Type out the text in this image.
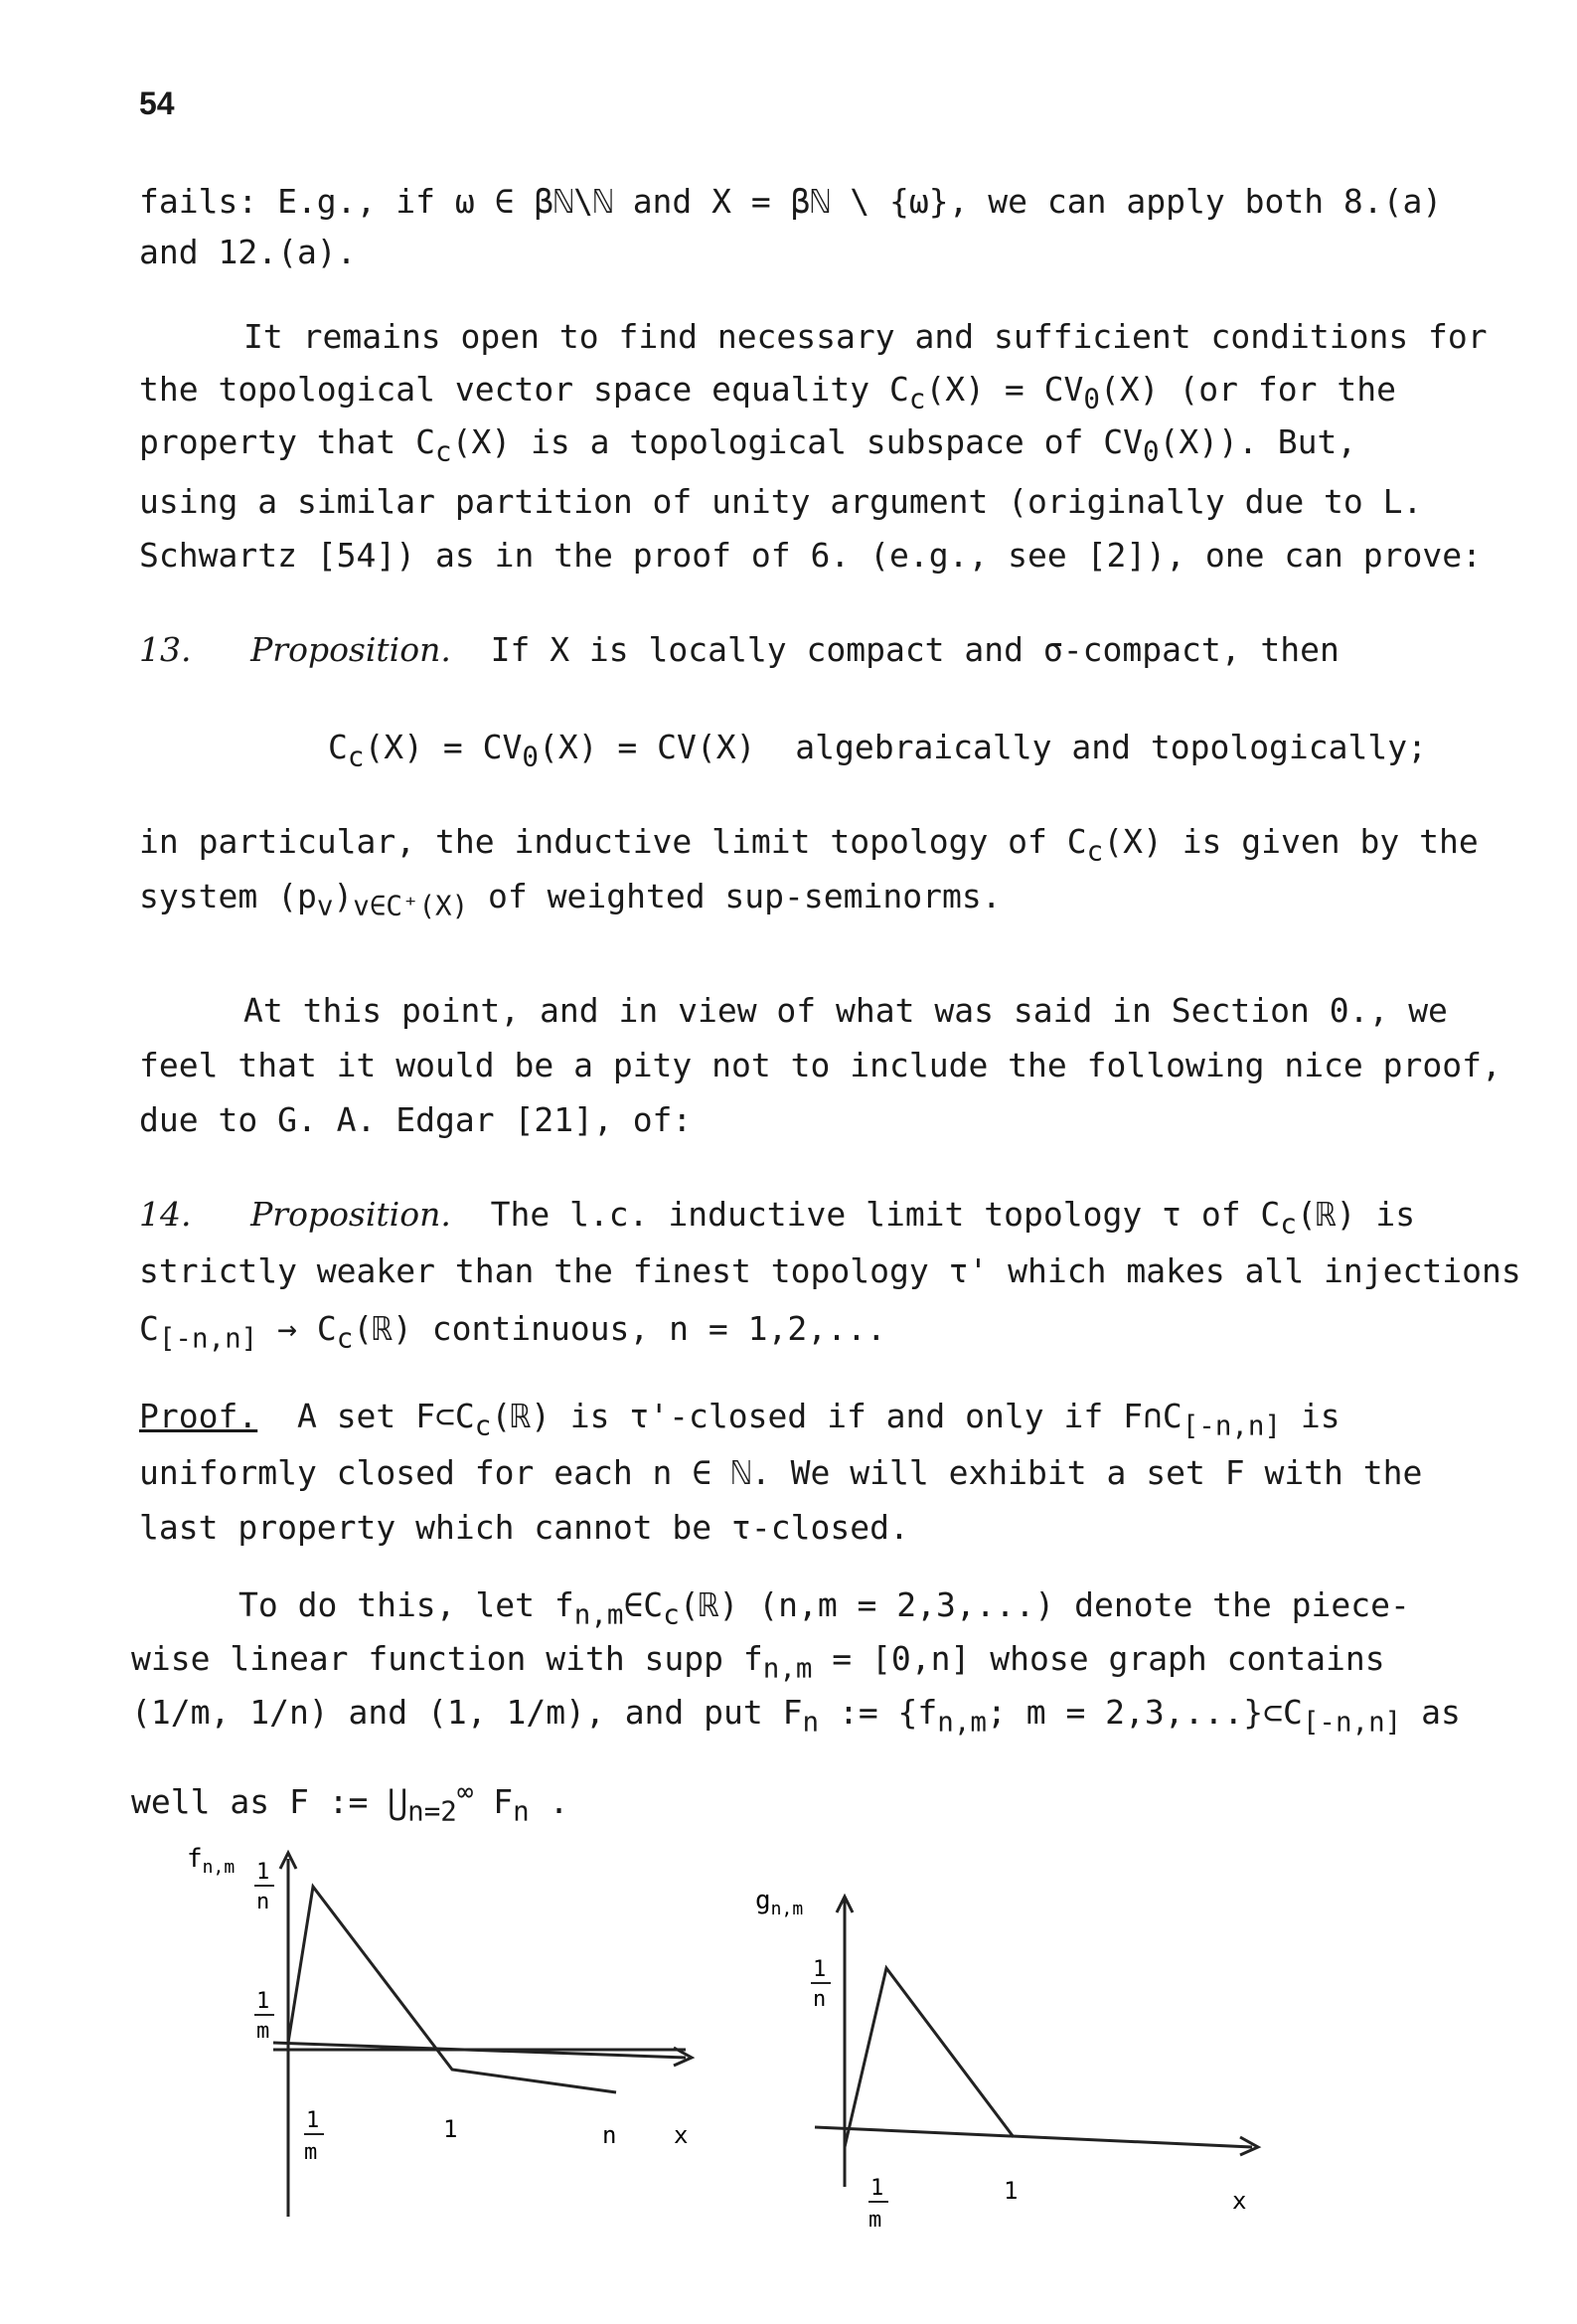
54
fails: E.g., if ω ∈ βℕ\ℕ and X = βℕ \ {ω}, we can apply both 8.(a)
and 12.(a).
It remains open to find necessary and sufficient conditions for
the topological vector space equality $C_c(X) = CV_0(X)$ (or for the
property that $C_c(X)$ is a topological subspace of $CV_0(X)$). But,
using a similar partition of unity argument (originally due to L.
Schwartz [54]) as in the proof of 6. (e.g., see [2]), one can prove:
13. Proposition.  If X is locally compact and σ-compact, then
$C_c(X) = CV_0(X) = CV(X)$  algebraically and topologically;
in particular, the inductive limit topology of $C_c(X)$ is given by the
system $(p_v)_{v\in C^+(X)}$ of weighted sup-seminorms.
At this point, and in view of what was said in Section 0., we
feel that it would be a pity not to include the following nice proof,
due to G. A. Edgar [21], of:
14. Proposition.  The l.c. inductive limit topology τ of $C_c(ℝ)$ is
strictly weaker than the finest topology τ' which makes all injections
$C_{[-n,n]}$ → $C_c(ℝ)$ continuous, n = 1,2,...
Proof.  A set $F\subset C_c(ℝ)$ is τ'-closed if and only if $F\cap C_{[-n,n]}$ is
uniformly closed for each n ∈ ℕ. We will exhibit a set F with the
last property which cannot be τ-closed.
To do this, let $f_{n,m}\in C_c(ℝ) (n,m = 2,3,...)$ denote the piece-
wise linear function with supp $f_{n,m} = [0,n]$ whose graph contains
(1/m, 1/n) and (1, 1/m), and put $F_n$ := {$f_{n,m}$; $m = 2,3,...\}\subset C_{[-n,n]}$ as
well as F := $⋃_{n=2}^\infty$ $F_n$ .
$f_{n,m}$ 1
n
1
m
1
m
1	n x
$g_{n,m}$
1
n
1
m
1	x
